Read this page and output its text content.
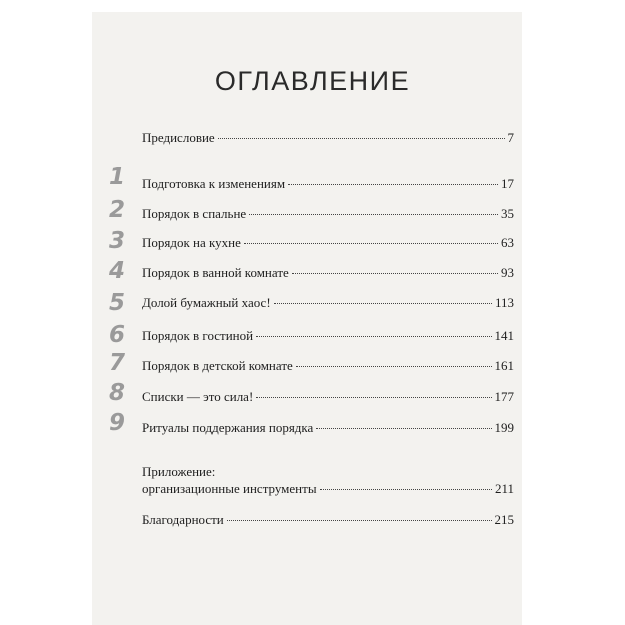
ОГЛАВЛЕНИЕ
Предисловие	7
1	Подготовка к изменениям	17
2	Порядок в спальне	35
3	Порядок на кухне	63
4	Порядок в ванной комнате	93
5	Долой бумажный хаос!	113
6	Порядок в гостиной	141
7	Порядок в детской комнате	161
8	Списки — это сила!	177
9	Ритуалы поддержания порядка	199
Приложение:
организационные инструменты	211
Благодарности	215
